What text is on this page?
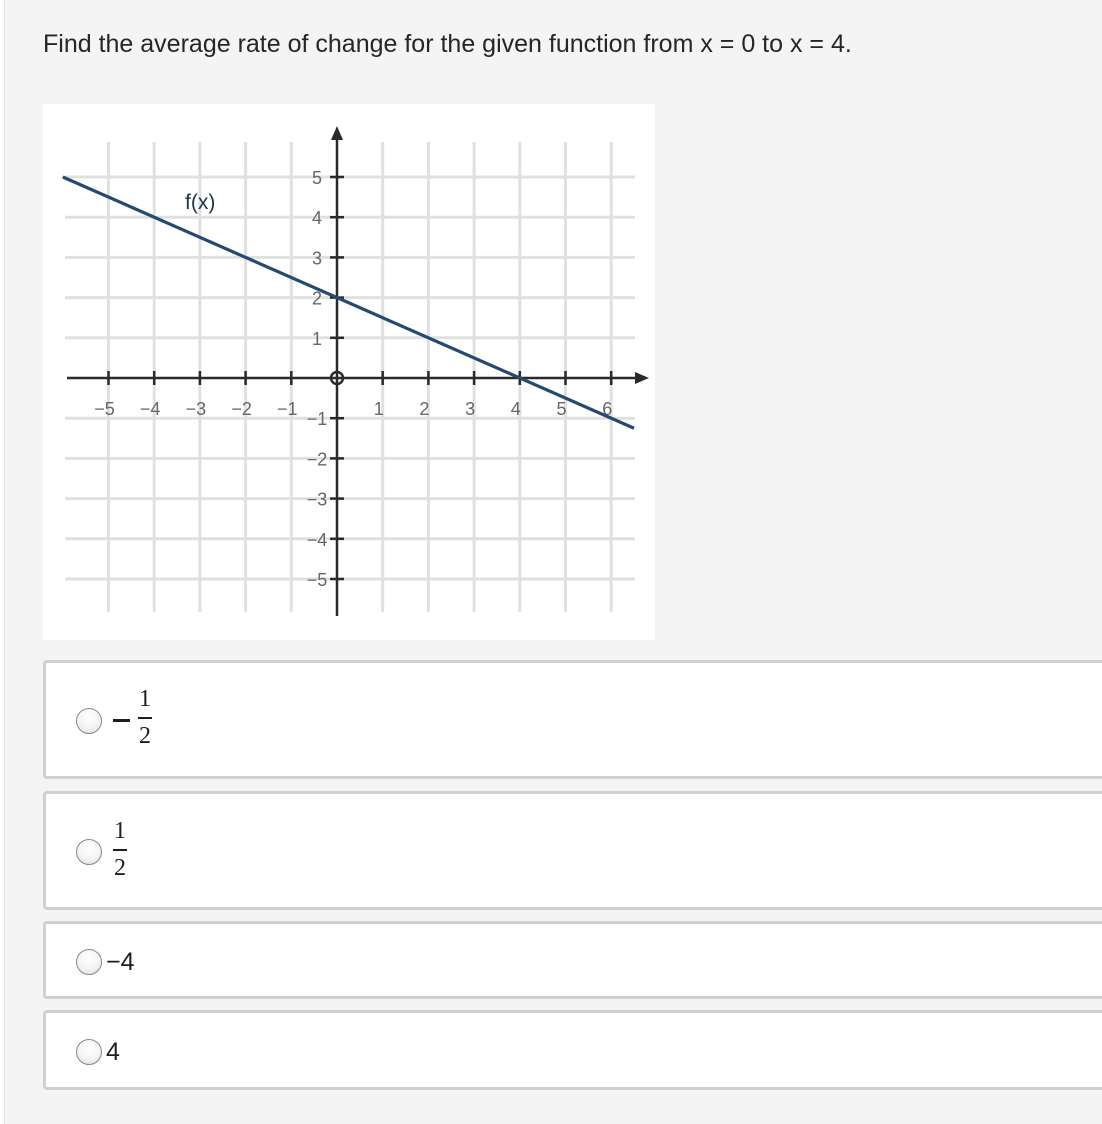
Find the average rate of change for the given function from x = 0 to x = 4.
−5 −4 −3 −2 −1	1 2 3 4 5 6
5
4
3
2
1
−1
−2
−3
−4
−5
f(x)
1
2
1
2
−4
4
